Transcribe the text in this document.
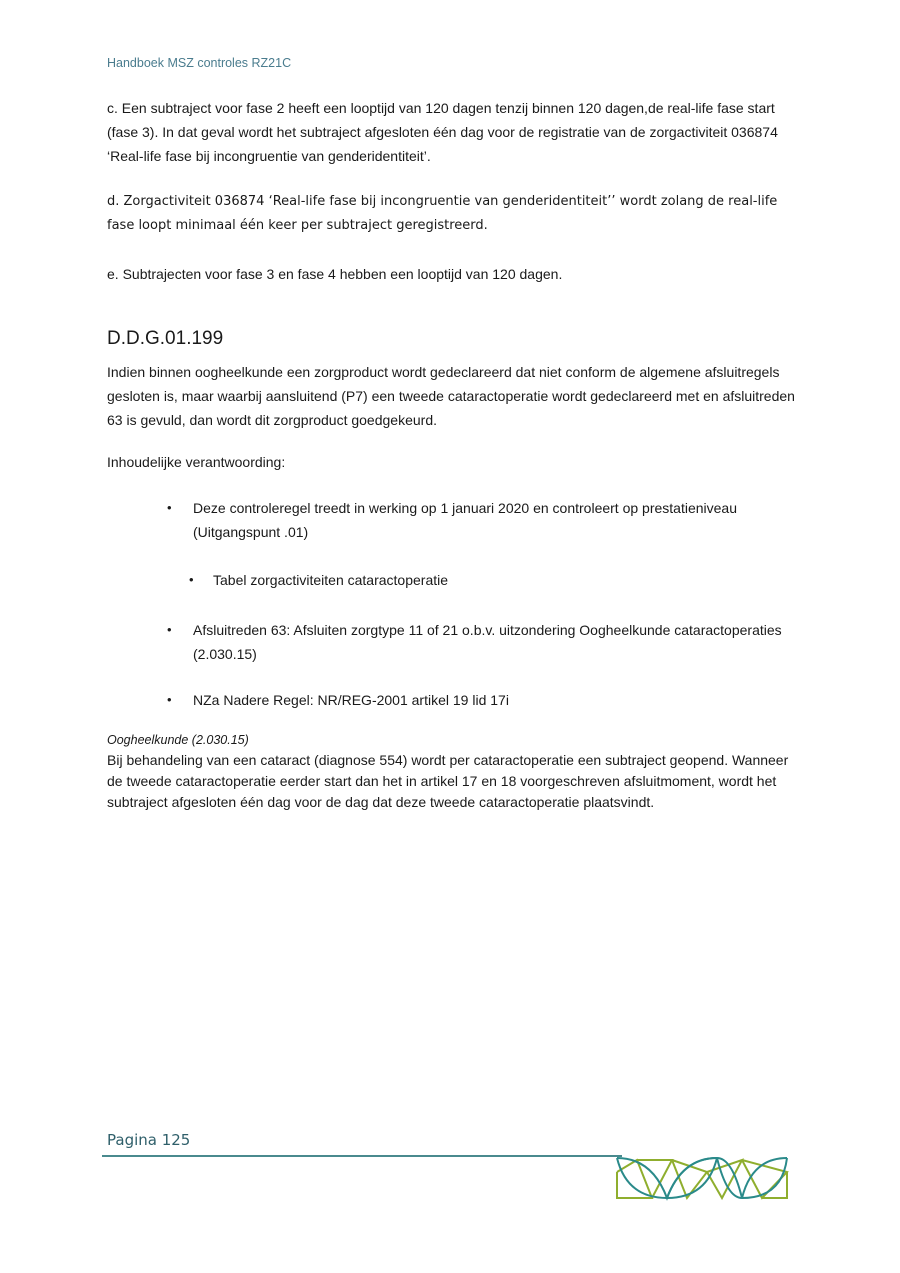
Handboek MSZ controles RZ21C
c. Een subtraject voor fase 2 heeft een looptijd van 120 dagen tenzij binnen 120 dagen,de real-life fase start (fase 3). In dat geval wordt het subtraject afgesloten één dag voor de registratie van de zorgactiviteit 036874 ‘Real-life fase bij incongruentie van genderidentiteit’.
d. Zorgactiviteit 036874 ‘Real-life fase bij incongruentie van genderidentiteit’’ wordt zolang de real-life fase loopt minimaal één keer per subtraject geregistreerd.
e. Subtrajecten voor fase 3 en fase 4 hebben een looptijd van 120 dagen.
D.D.G.01.199
Indien binnen oogheelkunde een zorgproduct wordt gedeclareerd dat niet conform de algemene afsluitregels gesloten is, maar waarbij aansluitend (P7) een tweede cataractoperatie wordt gedeclareerd met en afsluitreden 63 is gevuld, dan wordt dit zorgproduct goedgekeurd.
Inhoudelijke verantwoording:
• Deze controleregel treedt in werking op 1 januari 2020 en controleert op prestatieniveau (Uitgangspunt .01)
• Tabel zorgactiviteiten cataractoperatie
• Afsluitreden 63: Afsluiten zorgtype 11 of 21 o.b.v. uitzondering Oogheelkunde cataractoperaties (2.030.15)
• NZa Nadere Regel: NR/REG-2001 artikel 19 lid 17i
Oogheelkunde (2.030.15)
Bij behandeling van een cataract (diagnose 554) wordt per cataractoperatie een subtraject geopend. Wanneer de tweede cataractoperatie eerder start dan het in artikel 17 en 18 voorgeschreven afsluitmoment, wordt het subtraject afgesloten één dag voor de dag dat deze tweede cataractoperatie plaatsvindt.
Pagina 125
